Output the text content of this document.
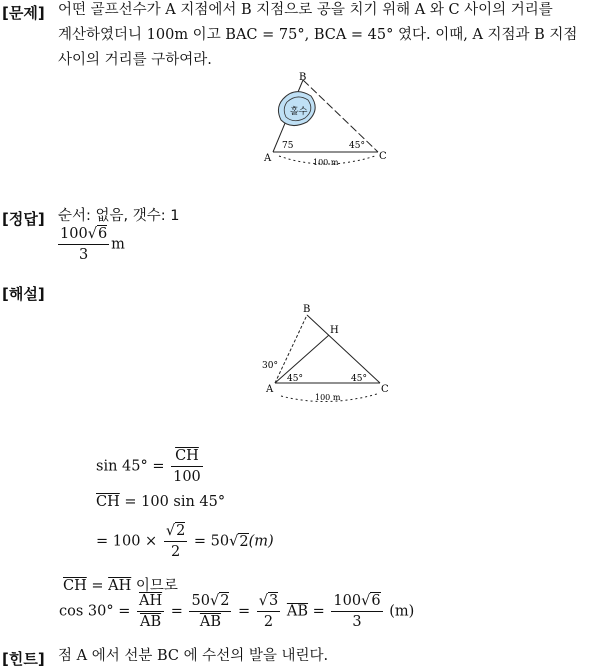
[문제] 어떤 골프선수가 A 지점에서 B 지점으로 공을 치기 위해 A 와 C 사이의 거리를
계산하였더니 100m 이고 BAC = 75°, BCA = 45° 였다. 이때, A 지점과 B 지점
사이의 거리를 구하여라.
A
B
C
75	45°
100 m
홀수
[정답] 순서: 없음, 갯수: 1
$\frac{100√6}{3}$ m
[해설]
A
B
C
H
30°
45°	45°
100 m
$\sin 45^\circ = \frac{\overline{CH}}{100}$
$\overline{CH} = 100$ sin 45°
= $100 \times \frac{√2}{2} = 50√2(m)$
$\overline{CH} = \overline{AH}$ 이므로
$\cos 30^\circ = \frac{\overline{AH}}{AB} = \frac{50√2}{AB} = \frac{√3}{2} \overline{AB} = \frac{100√6}{3} (m)$
[힌트] 점 A 에서 선분 BC 에 수선의 발을 내린다.
